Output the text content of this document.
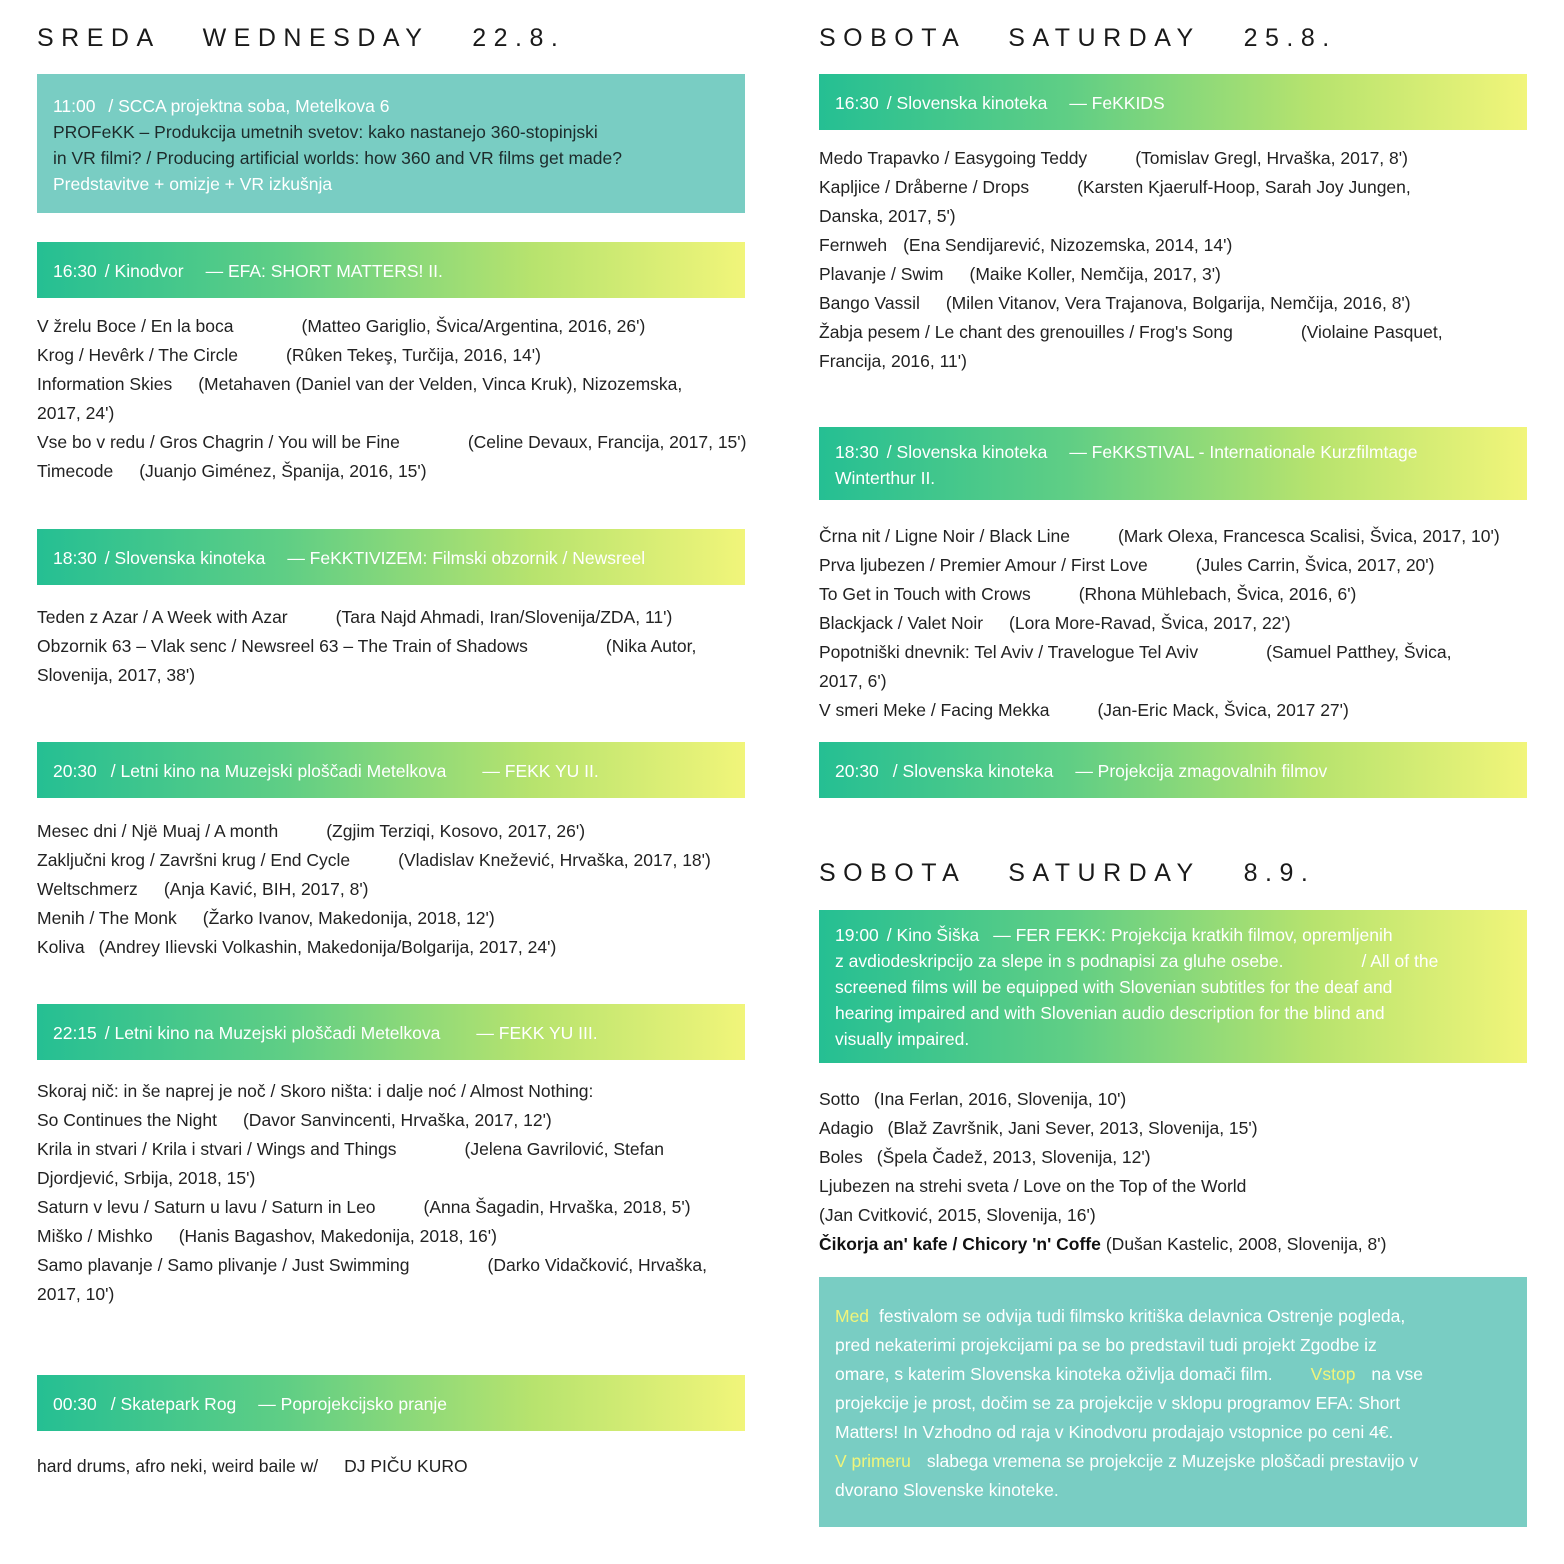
SREDA   WEDNESDAY   22.8.
11:00 / SCCA projektna soba, Metelkova 6
PROFeKK – Produkcija umetnih svetov: kako nastanejo 360-stopinjski
in VR filmi? / Producing artificial worlds: how 360 and VR films get made?
Predstavitve + omizje + VR izkušnja
16:30 / Kinodvor — EFA: SHORT MATTERS! II.
V žrelu Boce / En la boca	(Matteo Gariglio, Švica/Argentina, 2016, 26')
Krog / Hevêrk / The Circle	(Rûken Tekeş, Turčija, 2016, 14')
Information Skies (Metahaven (Daniel van der Velden, Vinca Kruk), Nizozemska,
2017, 24')
Vse bo v redu / Gros Chagrin / You will be Fine	(Celine Devaux, Francija, 2017, 15')
Timecode (Juanjo Giménez, Španija, 2016, 15')
18:30 / Slovenska kinoteka — FeKKTIVIZEM: Filmski obzornik / Newsreel
Teden z Azar / A Week with Azar	(Tara Najd Ahmadi, Iran/Slovenija/ZDA, 11')
Obzornik 63 – Vlak senc / Newsreel 63 – The Train of Shadows	(Nika Autor,
Slovenija, 2017, 38')
20:30 / Letni kino na Muzejski ploščadi Metelkova — FEKK YU II.
Mesec dni / Një Muaj / A month	(Zgjim Terziqi, Kosovo, 2017, 26')
Zaključni krog / Završni krug / End Cycle	(Vladislav Knežević, Hrvaška, 2017, 18')
Weltschmerz (Anja Kavić, BIH, 2017, 8')
Menih / The Monk (Žarko Ivanov, Makedonija, 2018, 12')
Koliva (Andrey Ilievski Volkashin, Makedonija/Bolgarija, 2017, 24')
22:15 / Letni kino na Muzejski ploščadi Metelkova — FEKK YU III.
Skoraj nič: in še naprej je noč / Skoro ništa: i dalje noć / Almost Nothing:
So Continues the Night (Davor Sanvincenti, Hrvaška, 2017, 12')
Krila in stvari / Krila i stvari / Wings and Things	(Jelena Gavrilović, Stefan
Djordjević, Srbija, 2018, 15')
Saturn v levu / Saturn u lavu / Saturn in Leo	(Anna Šagadin, Hrvaška, 2018, 5')
Miško / Mishko (Hanis Bagashov, Makedonija, 2018, 16')
Samo plavanje / Samo plivanje / Just Swimming	(Darko Vidačković, Hrvaška,
2017, 10')
00:30 / Skatepark Rog — Poprojekcijsko pranje
hard drums, afro neki, weird baile w/ DJ PIČU KURO
SOBOTA   SATURDAY   25.8.
16:30 / Slovenska kinoteka — FeKKIDS
Medo Trapavko / Easygoing Teddy	(Tomislav Gregl, Hrvaška, 2017, 8')
Kapljice / Dråberne / Drops	(Karsten Kjaerulf-Hoop, Sarah Joy Jungen,
Danska, 2017, 5')
Fernweh (Ena Sendijarević, Nizozemska, 2014, 14')
Plavanje / Swim (Maike Koller, Nemčija, 2017, 3')
Bango Vassil (Milen Vitanov, Vera Trajanova, Bolgarija, Nemčija, 2016, 8')
Žabja pesem / Le chant des grenouilles / Frog's Song	(Violaine Pasquet,
Francija, 2016, 11')
18:30 / Slovenska kinoteka — FeKKSTIVAL - Internationale Kurzfilmtage
Winterthur II.
Črna nit / Ligne Noir / Black Line	(Mark Olexa, Francesca Scalisi, Švica, 2017, 10')
Prva ljubezen / Premier Amour / First Love	(Jules Carrin, Švica, 2017, 20')
To Get in Touch with Crows	(Rhona Mühlebach, Švica, 2016, 6')
Blackjack / Valet Noir (Lora More-Ravad, Švica, 2017, 22')
Popotniški dnevnik: Tel Aviv / Travelogue Tel Aviv	(Samuel Patthey, Švica,
2017, 6')
V smeri Meke / Facing Mekka	(Jan-Eric Mack, Švica, 2017 27')
20:30 / Slovenska kinoteka — Projekcija zmagovalnih filmov
SOBOTA   SATURDAY   8.9.
19:00 / Kino Šiška — FER FEKK: Projekcija kratkih filmov, opremljenih
z avdiodeskripcijo za slepe in s podnapisi za gluhe osebe.	/ All of the
screened films will be equipped with Slovenian subtitles for the deaf and
hearing impaired and with Slovenian audio description for the blind and
visually impaired.
Sotto (Ina Ferlan, 2016, Slovenija, 10')
Adagio (Blaž Završnik, Jani Sever, 2013, Slovenija, 15')
Boles (Špela Čadež, 2013, Slovenija, 12')
Ljubezen na strehi sveta / Love on the Top of the World
(Jan Cvitković, 2015, Slovenija, 16')
Čikorja an' kafe / Chicory 'n' Coffe (Dušan Kastelic, 2008, Slovenija, 8')
Med festivalom se odvija tudi filmsko kritiška delavnica Ostrenje pogleda,
pred nekaterimi projekcijami pa se bo predstavil tudi projekt Zgodbe iz
omare, s katerim Slovenska kinoteka oživlja domači film. Vstop na vse
projekcije je prost, dočim se za projekcije v sklopu programov EFA: Short
Matters! In Vzhodno od raja v Kinodvoru prodajajo vstopnice po ceni 4€.
V primeru slabega vremena se projekcije z Muzejske ploščadi prestavijo v
dvorano Slovenske kinoteke.
